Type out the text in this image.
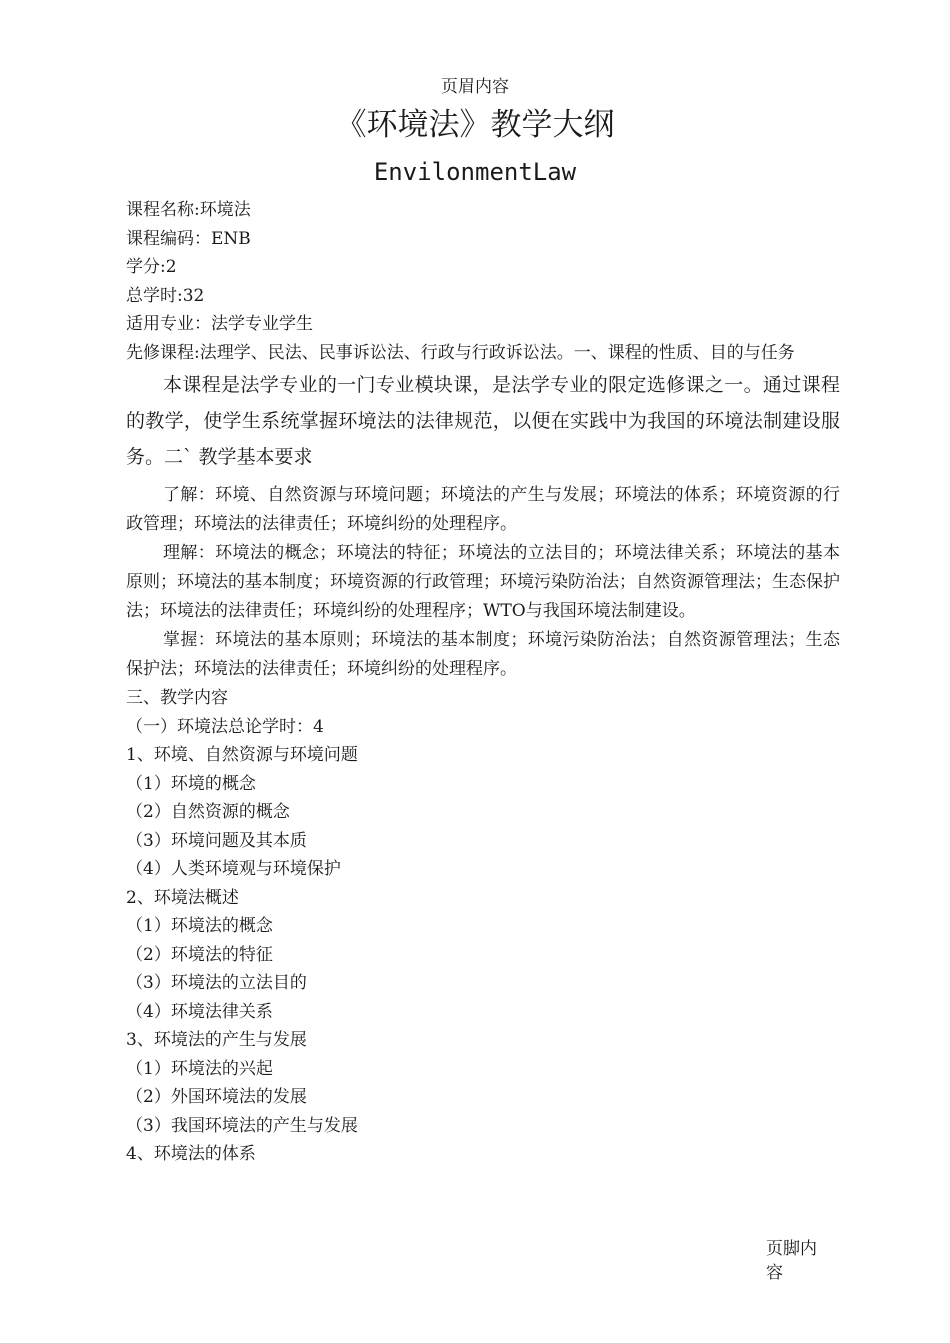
页眉内容
《环境法》教学大纲
EnvilonmentLaw
课程名称:环境法
课程编码：ENB
学分:2
总学时:32
适用专业：法学专业学生
先修课程:法理学、民法、民事诉讼法、行政与行政诉讼法。一、课程的性质、目的与任务
本课程是法学专业的一门专业模块课，是法学专业的限定选修课之一。通过课程的教学，使学生系统掌握环境法的法律规范，以便在实践中为我国的环境法制建设服务。二` 教学基本要求
了解：环境、自然资源与环境问题；环境法的产生与发展；环境法的体系；环境资源的行政管理；环境法的法律责任；环境纠纷的处理程序。
理解：环境法的概念；环境法的特征；环境法的立法目的；环境法律关系；环境法的基本原则；环境法的基本制度；环境资源的行政管理；环境污染防治法；自然资源管理法；生态保护法；环境法的法律责任；环境纠纷的处理程序；WTO与我国环境法制建设。
掌握：环境法的基本原则；环境法的基本制度；环境污染防治法；自然资源管理法；生态保护法；环境法的法律责任；环境纠纷的处理程序。
三、教学内容
（一）环境法总论学时：4
1、环境、自然资源与环境问题
（1）环境的概念
（2）自然资源的概念
（3）环境问题及其本质
（4）人类环境观与环境保护
2、环境法概述
（1）环境法的概念
（2）环境法的特征
（3）环境法的立法目的
（4）环境法律关系
3、环境法的产生与发展
（1）环境法的兴起
（2）外国环境法的发展
（3）我国环境法的产生与发展
4、环境法的体系
页脚内容
